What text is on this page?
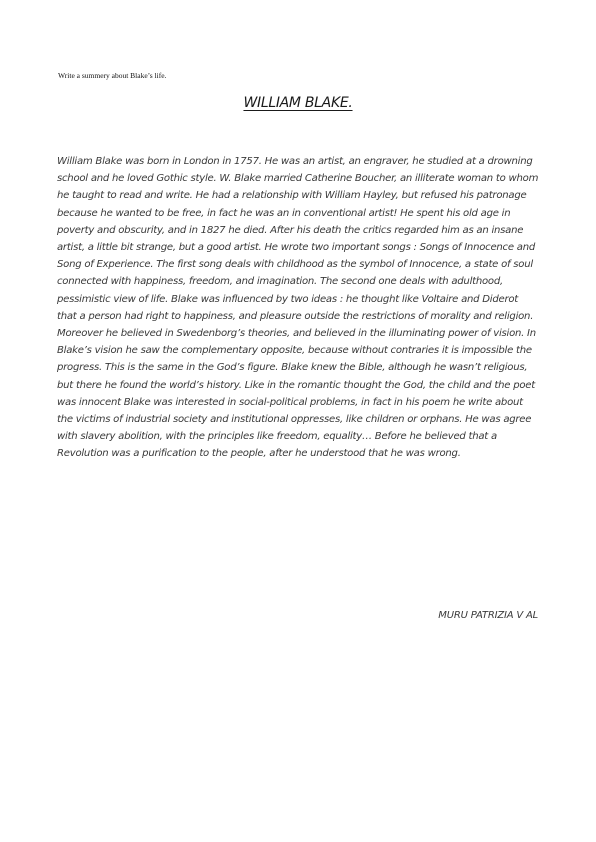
Write a summery about Blake’s life.
WILLIAM BLAKE.

William Blake was born in London in 1757. He was an artist, an engraver, he studied at a drowning school and he loved Gothic style. W. Blake married Catherine Boucher, an illiterate woman to whom he taught to read and write. He had a relationship with William Hayley, but refused his patronage because he wanted to be free, in fact he was an in conventional artist! He spent his old age in poverty and obscurity, and in 1827 he died. After his death the critics regarded him as an insane artist, a little bit strange, but a good artist. He wrote two important songs : Songs of Innocence and Song of Experience. The first song deals with childhood as the symbol of Innocence, a state of soul connected with happiness, freedom, and imagination. The second one deals with adulthood, pessimistic view of life. Blake was influenced by two ideas : he thought like Voltaire and Diderot that a person had right to happiness, and pleasure outside the restrictions of morality and religion. Moreover he believed in Swedenborg’s theories, and believed in the illuminating power of vision. In Blake’s vision he saw the complementary opposite, because without contraries it is impossible the progress. This is the same in the God’s figure. Blake knew the Bible, although he wasn’t religious, but there he found the world’s history. Like in the romantic thought the God, the child and the poet was innocent Blake was interested in social-political problems, in fact in his poem he write about the victims of industrial society and institutional oppresses, like children or orphans. He was agree with slavery abolition, with the principles like freedom, equality… Before he believed that a Revolution was a purification to the people, after he understood that he was wrong.

MURU PATRIZIA V AL
